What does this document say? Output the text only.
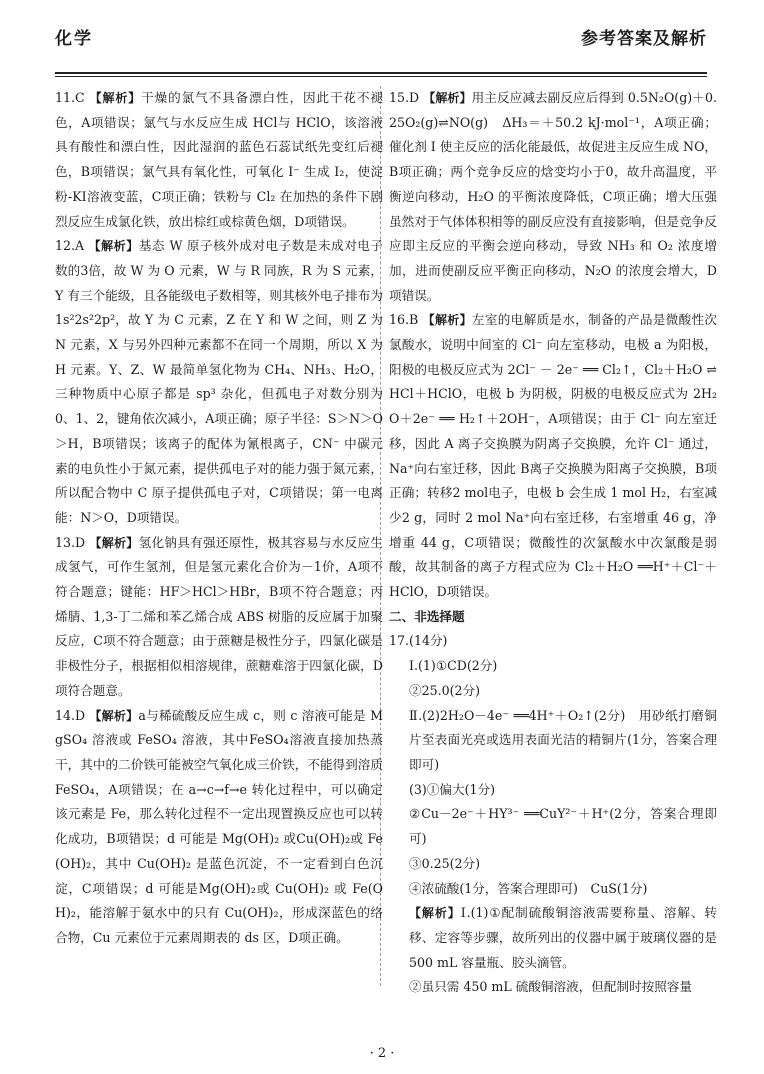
化学	参考答案及解析

11.C 【解析】干燥的氯气不具备漂白性，因此干花不褪色，A项错误；氯气与水反应生成 HCl与 HClO，该溶液具有酸性和漂白性，因此湿润的蓝色石蕊试纸先变红后褪色，B项错误；氯气具有氧化性，可氧化 I⁻ 生成 I₂，使淀粉-KI溶液变蓝，C项正确；铁粉与 Cl₂ 在加热的条件下剧烈反应生成氯化铁，放出棕红或棕黄色烟，D项错误。

12.A 【解析】基态 W 原子核外成对电子数是未成对电子数的3倍，故 W 为 O 元素，W 与 R 同族，R 为 S 元素，Y 有三个能级，且各能级电子数相等，则其核外电子排布为 1s²2s²2p²，故 Y 为 C 元素，Z 在 Y 和 W 之间，则 Z 为 N 元素，X 与另外四种元素都不在同一个周期，所以 X 为 H 元素。Y、Z、W 最简单氢化物为 CH₄、NH₃、H₂O，三种物质中心原子都是 sp³ 杂化，但孤电子对数分别为 0、1、2，键角依次减小，A项正确；原子半径：S＞N＞O＞H，B项错误；该离子的配体为氰根离子，CN⁻ 中碳元素的电负性小于氮元素，提供孤电子对的能力强于氮元素，所以配合物中 C 原子提供孤电子对，C项错误；第一电离能：N＞O，D项错误。

13.D 【解析】氢化钠具有强还原性，极其容易与水反应生成氢气，可作生氢剂，但是氢元素化合价为－1价，A项不符合题意；键能：HF＞HCl＞HBr，B项不符合题意；丙烯腈、1,3-丁二烯和苯乙烯合成 ABS 树脂的反应属于加聚反应，C项不符合题意；由于蔗糖是极性分子，四氯化碳是非极性分子，根据相似相溶规律，蔗糖难溶于四氯化碳，D项符合题意。

14.D 【解析】a与稀硫酸反应生成 c，则 c 溶液可能是 MgSO₄ 溶液或 FeSO₄ 溶液，其中FeSO₄溶液直接加热蒸干，其中的二价铁可能被空气氧化成三价铁，不能得到溶质 FeSO₄，A项错误；在 a→c→f→e 转化过程中，可以确定该元素是 Fe，那么转化过程不一定出现置换反应也可以转化成功，B项错误；d 可能是 Mg(OH)₂ 或Cu(OH)₂或 Fe(OH)₂，其中 Cu(OH)₂ 是蓝色沉淀，不一定看到白色沉淀，C项错误；d 可能是Mg(OH)₂或 Cu(OH)₂ 或 Fe(OH)₂，能溶解于氨水中的只有 Cu(OH)₂，形成深蓝色的络合物，Cu 元素位于元素周期表的 ds 区，D项正确。

15.D 【解析】用主反应减去副反应后得到 0.5N₂O(g)＋0.25O₂(g)⇌NO(g)　ΔH₃＝＋50.2 kJ·mol⁻¹，A项正确；催化剂 Ⅰ 使主反应的活化能最低，故促进主反应生成 NO，B项正确；两个竞争反应的焓变均小于0，故升高温度，平衡逆向移动，H₂O 的平衡浓度降低，C项正确；增大压强虽然对于气体体积相等的副反应没有直接影响，但是竞争反应即主反应的平衡会逆向移动，导致 NH₃ 和 O₂ 浓度增加，进而使副反应平衡正向移动，N₂O 的浓度会增大，D项错误。

16.B 【解析】左室的电解质是水，制备的产品是微酸性次氯酸水，说明中间室的 Cl⁻ 向左室移动，电极 a 为阳极，阳极的电极反应式为 2Cl⁻ － 2e⁻ ══ Cl₂↑，Cl₂＋H₂O ⇌HCl＋HClO，电极 b 为阴极，阴极的电极反应式为 2H₂O＋2e⁻ ══ H₂↑＋2OH⁻，A项错误；由于 Cl⁻ 向左室迁移，因此 A 离子交换膜为阴离子交换膜，允许 Cl⁻ 通过，Na⁺向右室迁移，因此 B离子交换膜为阳离子交换膜，B项正确；转移2 mol电子，电极 b 会生成 1 mol H₂，右室减少2 g，同时 2 mol Na⁺向右室迁移，右室增重 46 g，净增重 44 g，C项错误；微酸性的次氯酸水中次氯酸是弱酸，故其制备的离子方程式应为 Cl₂＋H₂O ══H⁺＋Cl⁻＋HClO，D项错误。

二、非选择题
17.(14分)
Ⅰ.(1)①CD(2分)
②25.0(2分)
Ⅱ.(2)2H₂O－4e⁻ ══4H⁺＋O₂↑(2分)　用砂纸打磨铜片至表面光亮或选用表面光洁的精铜片(1分，答案合理即可)
(3)①偏大(1分)
②Cu－2e⁻＋HY³⁻ ══CuY²⁻＋H⁺(2分，答案合理即可)
③0.25(2分)
④浓硫酸(1分，答案合理即可)　CuS(1分)

【解析】Ⅰ.(1)①配制硫酸铜溶液需要称量、溶解、转移、定容等步骤，故所列出的仪器中属于玻璃仪器的是 500 mL 容量瓶、胶头滴管。

②虽只需 450 mL 硫酸铜溶液，但配制时按照容量
· 2 ·
